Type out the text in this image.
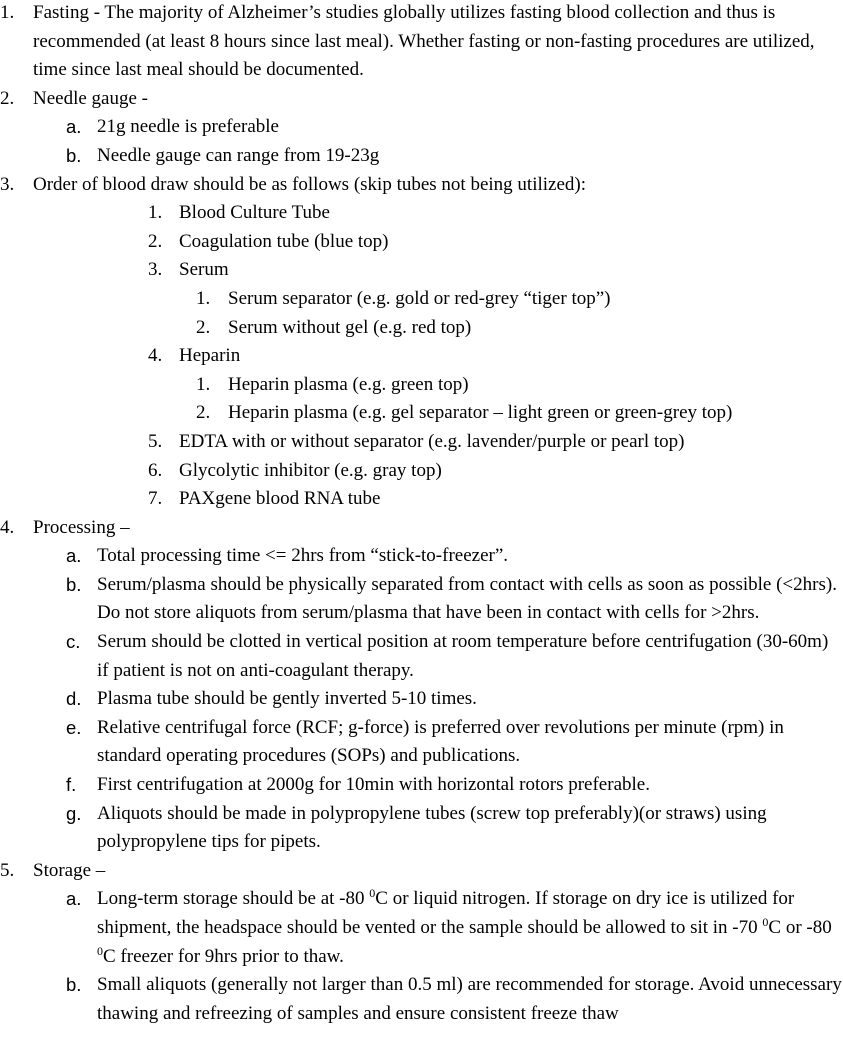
1. Fasting - The majority of Alzheimer’s studies globally utilizes fasting blood collection and thus is recommended (at least 8 hours since last meal). Whether fasting or non-fasting procedures are utilized, time since last meal should be documented.
2. Needle gauge -
a. 21g needle is preferable
b. Needle gauge can range from 19-23g
3. Order of blood draw should be as follows (skip tubes not being utilized):
1. Blood Culture Tube
2. Coagulation tube (blue top)
3. Serum
1. Serum separator (e.g. gold or red-grey “tiger top”)
2. Serum without gel (e.g. red top)
4. Heparin
1. Heparin plasma (e.g. green top)
2. Heparin plasma (e.g. gel separator – light green or green-grey top)
5. EDTA with or without separator (e.g. lavender/purple or pearl top)
6. Glycolytic inhibitor (e.g. gray top)
7. PAXgene blood RNA tube
4. Processing –
a. Total processing time <= 2hrs from “stick-to-freezer”.
b. Serum/plasma should be physically separated from contact with cells as soon as possible (<2hrs). Do not store aliquots from serum/plasma that have been in contact with cells for >2hrs.
c. Serum should be clotted in vertical position at room temperature before centrifugation (30-60m) if patient is not on anti-coagulant therapy.
d. Plasma tube should be gently inverted 5-10 times.
e. Relative centrifugal force (RCF; g-force) is preferred over revolutions per minute (rpm) in standard operating procedures (SOPs) and publications.
f. First centrifugation at 2000g for 10min with horizontal rotors preferable.
g. Aliquots should be made in polypropylene tubes (screw top preferably)(or straws) using polypropylene tips for pipets.
5. Storage –
a. Long-term storage should be at -80 $^0$C or liquid nitrogen. If storage on dry ice is utilized for shipment, the headspace should be vented or the sample should be allowed to sit in -70 $^0$C or -80 $^0$C freezer for 9hrs prior to thaw.
b. Small aliquots (generally not larger than 0.5 ml) are recommended for storage. Avoid unnecessary thawing and refreezing of samples and ensure consistent freeze thaw
